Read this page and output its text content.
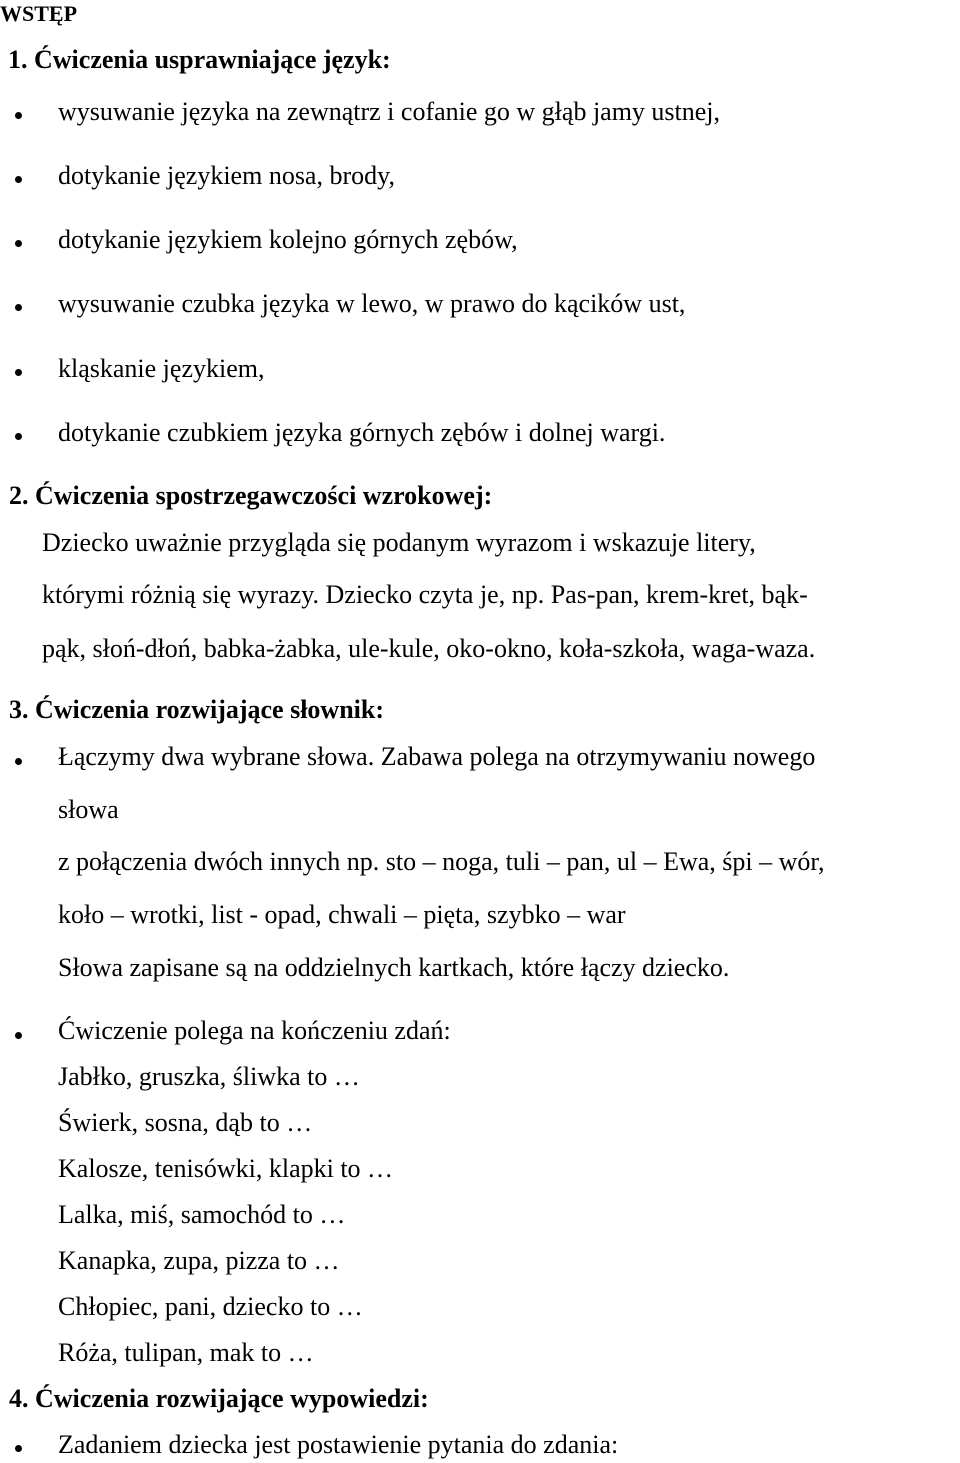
WSTĘP
1. Ćwiczenia usprawniające język:
wysuwanie języka na zewnątrz i cofanie go w głąb jamy ustnej,
dotykanie językiem nosa, brody,
dotykanie językiem kolejno górnych zębów,
wysuwanie czubka języka w lewo, w prawo do kącików ust,
kląskanie językiem,
dotykanie czubkiem języka górnych zębów i dolnej wargi.
2. Ćwiczenia spostrzegawczości wzrokowej:
Dziecko uważnie przygląda się podanym wyrazom i wskazuje litery,
którymi różnią się wyrazy. Dziecko czyta je, np. Pas-pan, krem-kret, bąk-
pąk, słoń-dłoń, babka-żabka, ule-kule, oko-okno, koła-szkoła, waga-waza.
3. Ćwiczenia rozwijające słownik:
Łączymy dwa wybrane słowa. Zabawa polega na otrzymywaniu nowego
słowa
z połączenia dwóch innych np. sto – noga, tuli – pan, ul – Ewa, śpi – wór,
koło – wrotki, list - opad, chwali – pięta, szybko – war
Słowa zapisane są na oddzielnych kartkach, które łączy dziecko.
Ćwiczenie polega na kończeniu zdań:
Jabłko, gruszka, śliwka to …
Świerk, sosna, dąb to …
Kalosze, tenisówki, klapki to …
Lalka, miś, samochód to …
Kanapka, zupa, pizza to …
Chłopiec, pani, dziecko to …
Róża, tulipan, mak to …
4. Ćwiczenia rozwijające wypowiedzi:
Zadaniem dziecka jest postawienie pytania do zdania:
